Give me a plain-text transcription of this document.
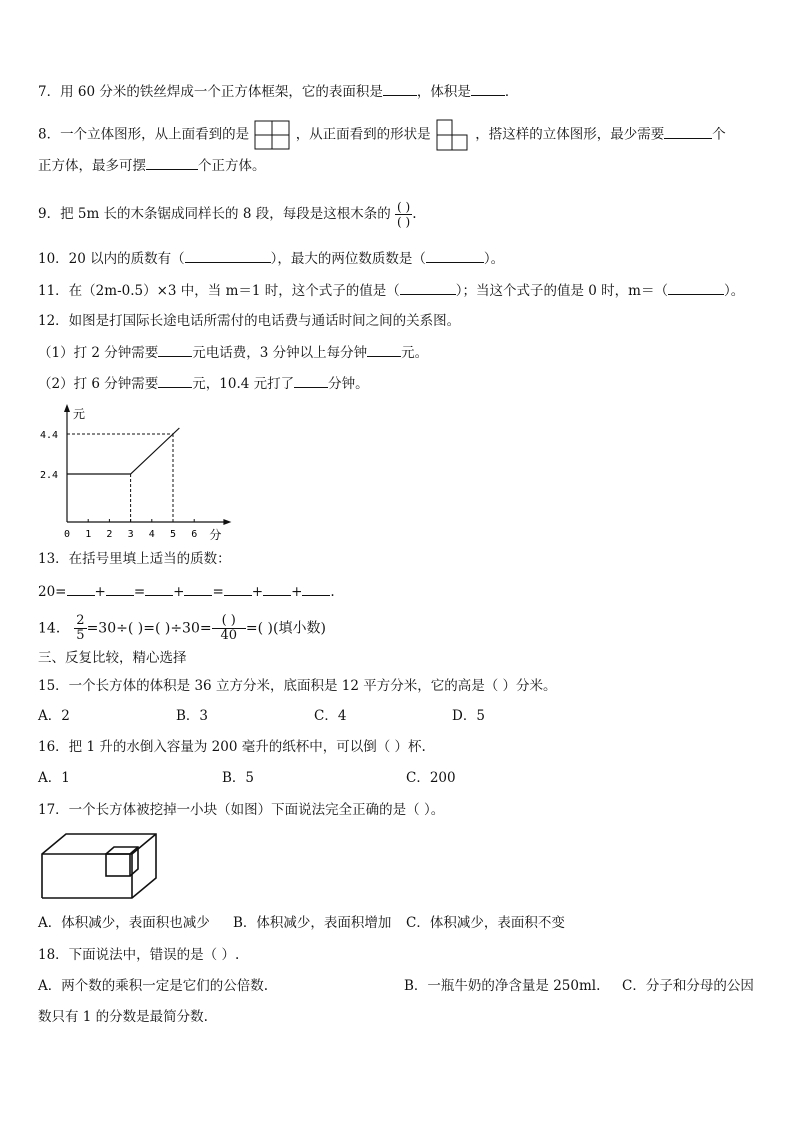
7．用 60 分米的铁丝焊成一个正方体框架，它的表面积是	，体积是	．
8．一个立体图形，从上面看到的是	，从正面看到的形状是	，搭这样的立体图形，最少需要	个
正方体，最多可摆	个正方体。
9．把 5m 长的木条锯成同样长的 8 段，每段是这根木条的 ( )
( ) .
10．20 以内的质数有（	），最大的两位数质数是（	）。
11．在（2m-0.5）×3 中，当 m＝1 时，这个式子的值是（	）；当这个式子的值是 0 时，m＝（	）。
12．如图是打国际长途电话所需付的电话费与通话时间之间的关系图。
（1）打 2 分钟需要	元电话费，3 分钟以上每分钟	元。
（2）打 6 分钟需要	元，10.4 元打了	分钟。
元
分
0 1 2 3 4 5 6
2.4
4.4
13．在括号里填上适当的质数：
20= + = + = + + .
14． $\frac{2}{5} =30\div$( )=( )÷30= ( )
40 =( )(填小数)
三、反复比较，精心选择
15．一个长方体的体积是 36 立方分米，底面积是 12 平方分米，它的高是（ ）分米。
A．2	B．3	C．4	D．5
16．把 1 升的水倒入容量为 200 毫升的纸杯中，可以倒（ ）杯.
A．1	B．5	C．200
17．一个长方体被挖掉一小块（如图）下面说法完全正确的是（ ）。
A．体积减少，表面积也减少 B．体积减少，表面积增加 C．体积减少，表面积不变
18．下面说法中，错误的是（ ）.
A．两个数的乘积一定是它们的公倍数.	B．一瓶牛奶的净含量是 250ml. C．分子和分母的公因
数只有 1 的分数是最简分数.
